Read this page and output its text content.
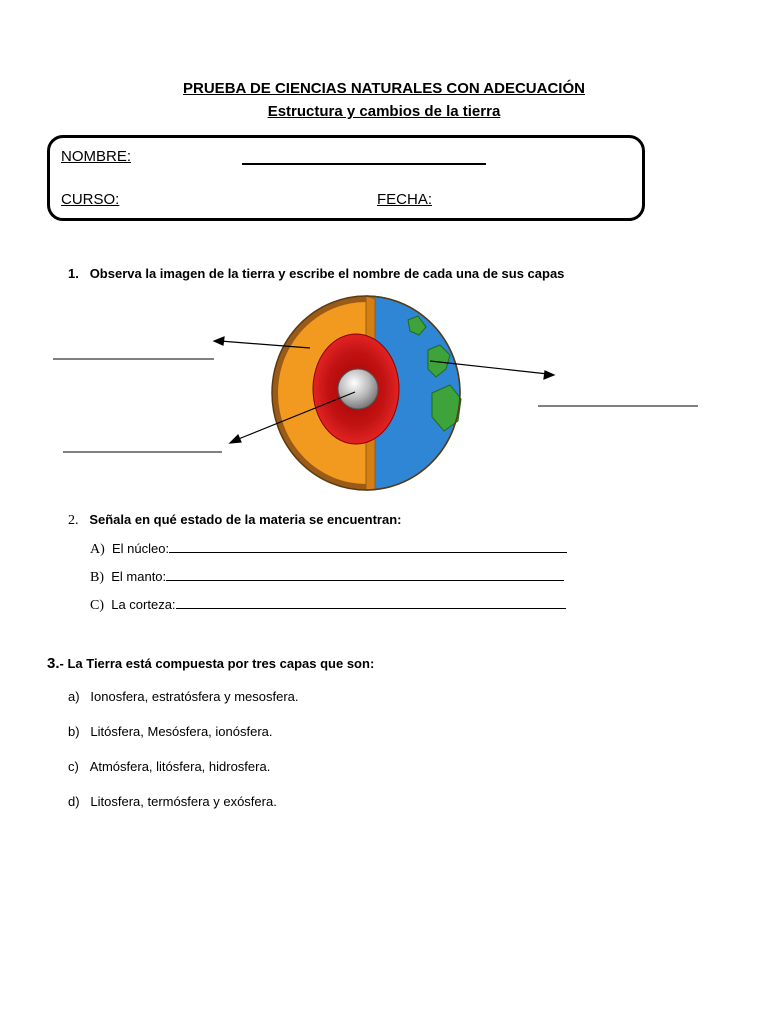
PRUEBA DE CIENCIAS NATURALES CON ADECUACIÓN
Estructura y cambios de la tierra
NOMBRE:
CURSO:	FECHA:
1. Observa la imagen de la tierra y escribe el nombre de cada una de sus capas
2. Señala en qué estado de la materia se encuentran:
A) El núcleo:
B) El manto:
C) La corteza:
3.- La Tierra está compuesta por tres capas que son:
a) Ionosfera, estratósfera y mesosfera.
b) Litósfera, Mesósfera, ionósfera.
c) Atmósfera, litósfera, hidrosfera.
d) Litosfera, termósfera y exósfera.
